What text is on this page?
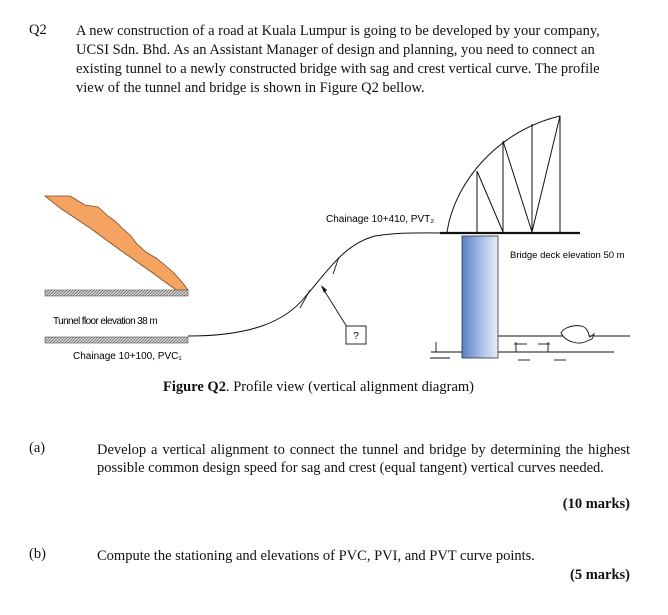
Q2 A new construction of a road at Kuala Lumpur is going to be developed by your company,
UCSI Sdn. Bhd. As an Assistant Manager of design and planning, you need to connect an
existing tunnel to a newly constructed bridge with sag and crest vertical curve. The profile
view of the tunnel and bridge is shown in Figure Q2 bellow.
?
Chainage 10+410, PVT₂
Bridge deck elevation 50 m
Tunnel floor elevation 38 m
Chainage 10+100, PVC₁
Figure Q2. Profile view (vertical alignment diagram)
(a)	Develop a vertical alignment to connect the tunnel and bridge by determining the highest possible common design speed for sag and crest (equal tangent) vertical curves needed.
(10 marks)
(b)	Compute the stationing and elevations of PVC, PVI, and PVT curve points.
(5 marks)
